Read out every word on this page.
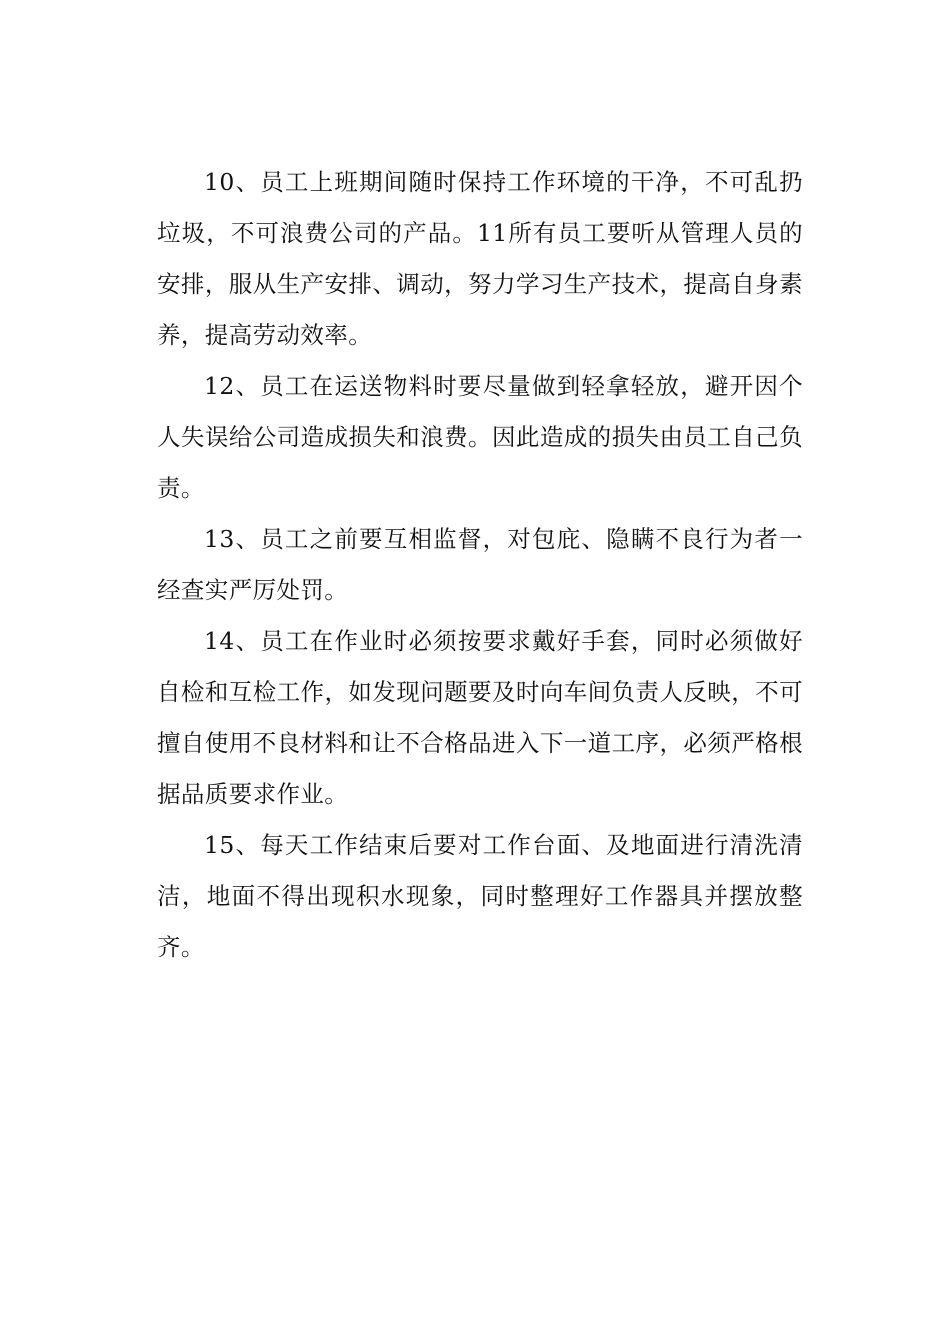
10、员工上班期间随时保持工作环境的干净，不可乱扔垃圾，不可浪费公司的产品。11所有员工要听从管理人员的安排，服从生产安排、调动，努力学习生产技术，提高自身素养，提高劳动效率。

12、员工在运送物料时要尽量做到轻拿轻放，避开因个人失误给公司造成损失和浪费。因此造成的损失由员工自己负责。

13、员工之前要互相监督，对包庇、隐瞒不良行为者一经查实严厉处罚。

14、员工在作业时必须按要求戴好手套，同时必须做好自检和互检工作，如发现问题要及时向车间负责人反映，不可擅自使用不良材料和让不合格品进入下一道工序，必须严格根据品质要求作业。

15、每天工作结束后要对工作台面、及地面进行清洗清洁，地面不得出现积水现象，同时整理好工作器具并摆放整齐。
